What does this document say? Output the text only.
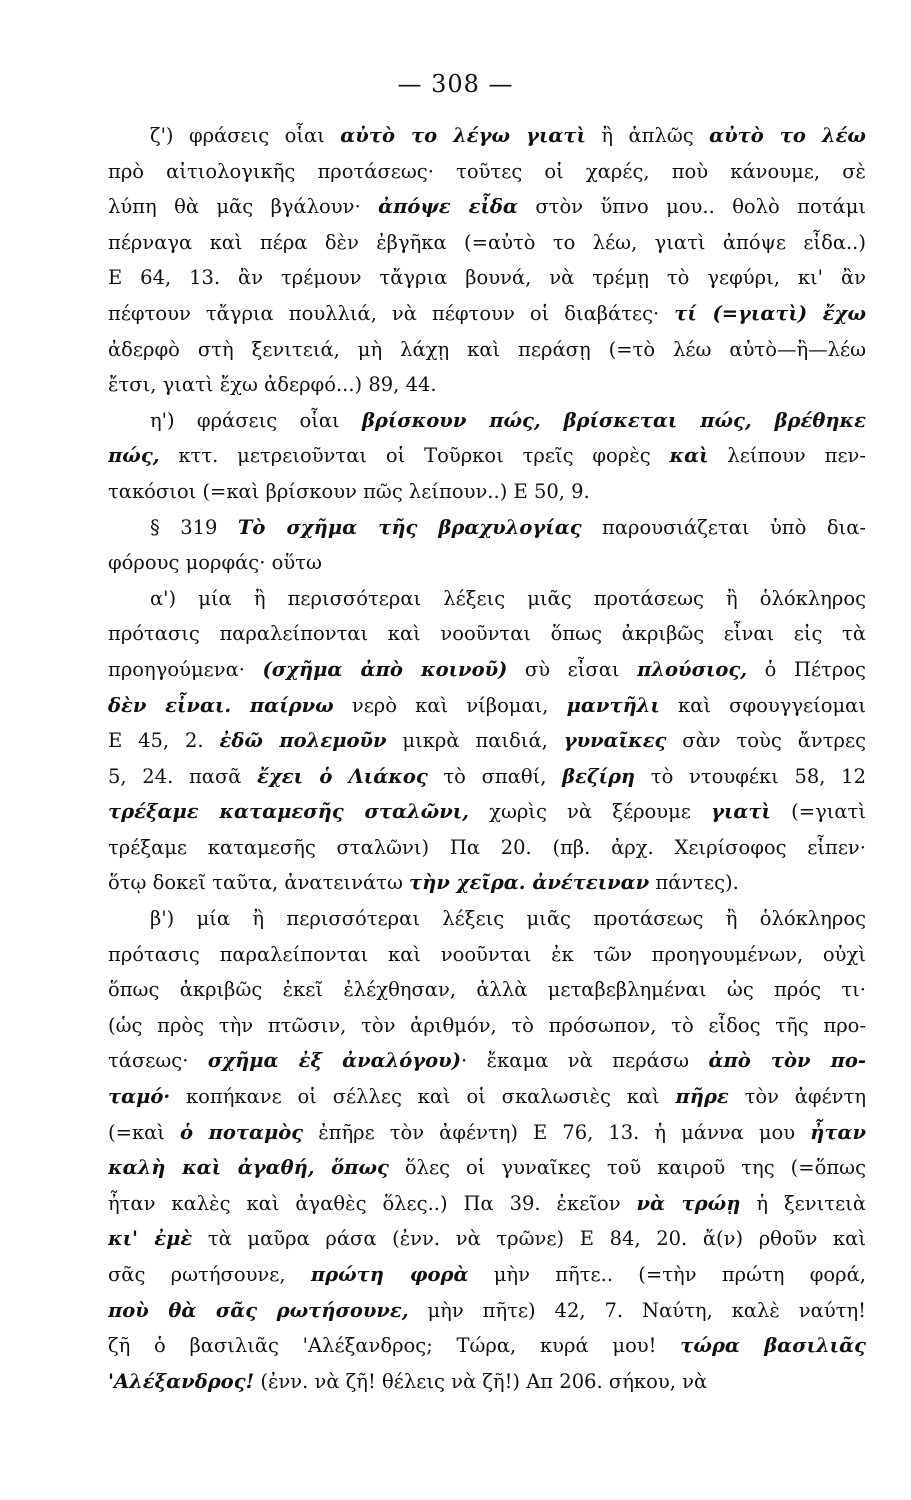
— 308 —
ζ') φράσεις οἷαι αὐτὸ το λέγω γιατὶ ἢ ἁπλῶς αὐτὸ το λέω
πρὸ αἰτιολογικῆς προτάσεως· τοῦτες οἱ χαρές, ποὺ κάνουμε, σὲ
λύπη θὰ μᾶς βγάλουν· ἀπόψε εἶδα στὸν ὕπνο μου.. θολὸ ποτάμι
πέρναγα καὶ πέρα δὲν ἐβγῆκα (=αὐτὸ το λέω, γιατὶ ἀπόψε εἶδα..)
Ε 64, 13. ἂν τρέμουν τἄγρια βουνά, νὰ τρέμῃ τὸ γεφύρι, κι' ἂν
πέφτουν τἄγρια πουλλιά, νὰ πέφτουν οἱ διαβάτες· τί (=γιατὶ) ἔχω
ἀδερφὸ στὴ ξενιτειά, μὴ λάχῃ καὶ περάσῃ (=τὸ λέω αὐτὸ—ἢ—λέω
ἔτσι, γιατὶ ἔχω ἀδερφό...) 89, 44.
η') φράσεις οἷαι βρίσκουν πώς, βρίσκεται πώς, βρέθηκε
πώς, κττ. μετρειοῦνται οἱ Τοῦρκοι τρεῖς φορὲς καὶ λείπουν πεν-
τακόσιοι (=καὶ βρίσκουν πῶς λείπουν..) Ε 50, 9.
§ 319 Τὸ σχῆμα τῆς βραχυλογίας παρουσιάζεται ὑπὸ δια-
φόρους μορφάς· οὕτω
α') μία ἢ περισσότεραι λέξεις μιᾶς προτάσεως ἢ ὁλόκληρος
πρότασις παραλείπονται καὶ νοοῦνται ὅπως ἀκριβῶς εἶναι εἰς τὰ
προηγούμενα· (σχῆμα ἀπὸ κοινοῦ) σὺ εἶσαι πλούσιος, ὁ Πέτρος
δὲν εἶναι. παίρνω νερὸ καὶ νίβομαι, μαντῆλι καὶ σφουγγείομαι
Ε 45, 2. ἐδῶ πολεμοῦν μικρὰ παιδιά, γυναῖκες σὰν τοὺς ἄντρες
5, 24. πασᾶ ἔχει ὁ Λιάκος τὸ σπαθί, βεζίρη τὸ ντουφέκι 58, 12
τρέξαμε καταμεσῆς σταλῶνι, χωρὶς νὰ ξέρουμε γιατὶ (=γιατὶ
τρέξαμε καταμεσῆς σταλῶνι) Πα 20. (πβ. ἀρχ. Χειρίσοφος εἶπεν·
ὅτῳ δοκεῖ ταῦτα, ἀνατεινάτω τὴν χεῖρα. ἀνέτειναν πάντες).
β') μία ἢ περισσότεραι λέξεις μιᾶς προτάσεως ἢ ὁλόκληρος
πρότασις παραλείπονται καὶ νοοῦνται ἐκ τῶν προηγουμένων, οὐχὶ
ὅπως ἀκριβῶς ἐκεῖ ἐλέχθησαν, ἀλλὰ μεταβεβλημέναι ὡς πρός τι·
(ὡς πρὸς τὴν πτῶσιν, τὸν ἀριθμόν, τὸ πρόσωπον, τὸ εἶδος τῆς προ-
τάσεως· σχῆμα ἐξ ἀναλόγου)· ἔκαμα νὰ περάσω ἀπὸ τὸν πο-
ταμό· κοπήκανε οἱ σέλλες καὶ οἱ σκαλωσιὲς καὶ πῆρε τὸν ἀφέντη
(=καὶ ὁ ποταμὸς ἐπῆρε τὸν ἀφέντη) Ε 76, 13. ἡ μάννα μου ἦταν
καλὴ καὶ ἀγαθή, ὅπως ὅλες οἱ γυναῖκες τοῦ καιροῦ της (=ὅπως
ἦταν καλὲς καὶ ἀγαθὲς ὅλες..) Πα 39. ἐκεῖον νὰ τρώῃ ἡ ξενιτειὰ
κι' ἐμὲ τὰ μαῦρα ράσα (ἐνν. νὰ τρῶνε) Ε 84, 20. ἄ(ν) ρθοῦν καὶ
σᾶς ρωτήσουνε, πρώτη φορὰ μὴν πῆτε.. (=τὴν πρώτη φορά,
ποὺ θὰ σᾶς ρωτήσουνε, μὴν πῆτε) 42, 7. Ναύτη, καλὲ ναύτη!
ζῆ ὁ βασιλιᾶς 'Αλέξανδρος; Τώρα, κυρά μου! τώρα βασιλιᾶς
'Αλέξανδρος! (ἐνν. νὰ ζῆ! θέλεις νὰ ζῆ!) Απ 206. σήκου, νὰ
